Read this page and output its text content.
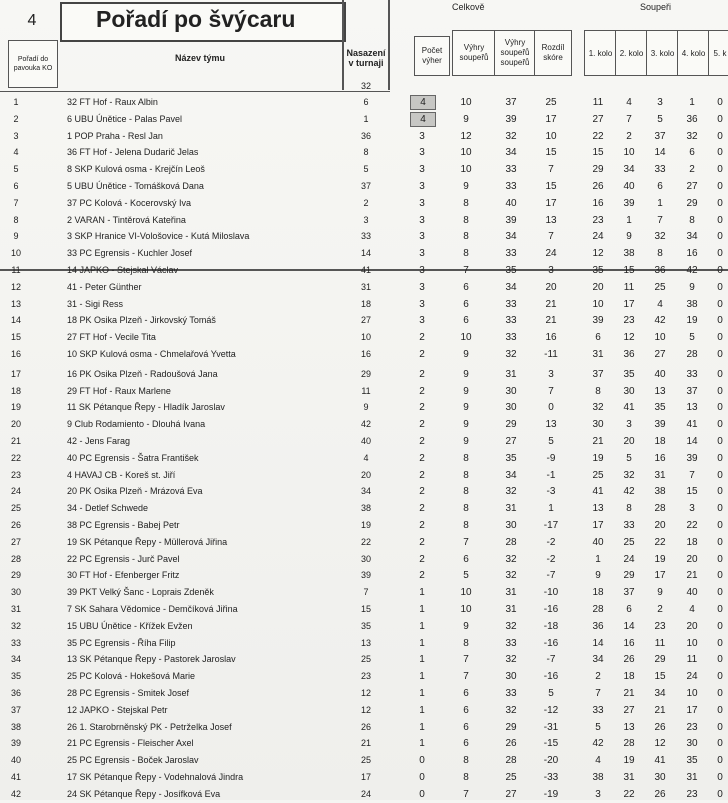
4	Pořadí po švýcaru
Pořadí do pavouka KO
Název týmu	Nasazení v turnaji
32
Celkově	Soupeři
Počet výher
Výhry soupeřů
Výhry soupeřů soupeřů
Rozdíl skóre	1. kolo 2. kolo 3. kolo 4. kolo 5. k
1	32 FT Hof - Raux Albin	6	4	10	37	25	11	4	3	1	0
2	6 UBU Únětice - Palas Pavel	1	4	9	39	17	27	7	5	36	0
3	1 POP Praha - Resl Jan	36	3	12	32	10	22	2	37	32	0
4	36 FT Hof - Jelena Dudarič Jelas	8	3	10	34	15	15	10	14	6	0
5	8 SKP Kulová osma - Krejčín Leoš	5	3	10	33	7	29	34	33	2	0
6	5 UBU Únětice - Tomášková Dana	37	3	9	33	15	26	40	6	27	0
7	37 PC Kolová - Kocerovský Iva	2	3	8	40	17	16	39	1	29	0
8	2 VARAN - Tintěrová Kateřina	3	3	8	39	13	23	1	7	8	0
9	3 SKP Hranice VI-Vološovice - Kutá Miloslava	33	3	8	34	7	24	9	32	34	0
10	33 PC Egrensis - Kuchler Josef	14	3	8	33	24	12	38	8	16	0
11	14 JAPKO - Stejskal Václav	41	3	7	35	3	35	15	36	42	0
12	41 - Peter Günther	31	3	6	34	20	20	11	25	9	0
13	31 - Sigi Ress	18	3	6	33	21	10	17	4	38	0
14	18 PK Osika Plzeň - Jirkovský Tomáš	27	3	6	33	21	39	23	42	19	0
15	27 FT Hof - Vecile Tita	10	2	10	33	16	6	12	10	5	0
16	10 SKP Kulová osma - Chmelařová Yvetta	16	2	9	32	-11	31	36	27	28	0
17	16 PK Osika Plzeň - Radoušová Jana	29	2	9	31	3	37	35	40	33	0
18	29 FT Hof - Raux Marlene	11	2	9	30	7	8	30	13	37	0
19	11 SK Pétanque Řepy - Hladík Jaroslav	9	2	9	30	0	32	41	35	13	0
20	9 Club Rodamiento - Dlouhá Ivana	42	2	9	29	13	30	3	39	41	0
21	42 - Jens Farag	40	2	9	27	5	21	20	18	14	0
22	40 PC Egrensis - Šatra František	4	2	8	35	-9	19	5	16	39	0
23	4 HAVAJ CB - Koreš st. Jiří	20	2	8	34	-1	25	32	31	7	0
24	20 PK Osika Plzeň - Mrázová Eva	34	2	8	32	-3	41	42	38	15	0
25	34 - Detlef Schwede	38	2	8	31	1	13	8	28	3	0
26	38 PC Egrensis - Babej Petr	19	2	8	30	-17	17	33	20	22	0
27	19 SK Pétanque Řepy - Müllerová Jiřina	22	2	7	28	-2	40	25	22	18	0
28	22 PC Egrensis - Jurč Pavel	30	2	6	32	-2	1	24	19	20	0
29	30 FT Hof - Efenberger Fritz	39	2	5	32	-7	9	29	17	21	0
30	39 PKT Velký Šanc - Loprais Zdeněk	7	1	10	31	-10	18	37	9	40	0
31	7 SK Sahara Vědomice - Demčíková Jiřina	15	1	10	31	-16	28	6	2	4	0
32	15 UBU Únětice - Křížek Evžen	35	1	9	32	-18	36	14	23	20	0
33	35 PC Egrensis - Říha Filip	13	1	8	33	-16	14	16	11	10	0
34	13 SK Pétanque Řepy - Pastorek Jaroslav	25	1	7	32	-7	34	26	29	11	0
35	25 PC Kolová - Hokešová Marie	23	1	7	30	-16	2	18	15	24	0
36	28 PC Egrensis - Smitek Josef	12	1	6	33	5	7	21	34	10	0
37	12 JAPKO - Stejskal Petr	12	1	6	32	-12	33	27	21	17	0
38	26 1. Starobrněnský PK - Petrželka Josef	26	1	6	29	-31	5	13	26	23	0
39	21 PC Egrensis - Fleischer Axel	21	1	6	26	-15	42	28	12	30	0
40	25 PC Egrensis - Boček Jaroslav	25	0	8	28	-20	4	19	41	35	0
41	17 SK Pétanque Řepy - Vodehnalová Jindra	17	0	8	25	-33	38	31	30	31	0
42	24 SK Pétanque Řepy - Josífková Eva	24	0	7	27	-19	3	22	26	23	0
